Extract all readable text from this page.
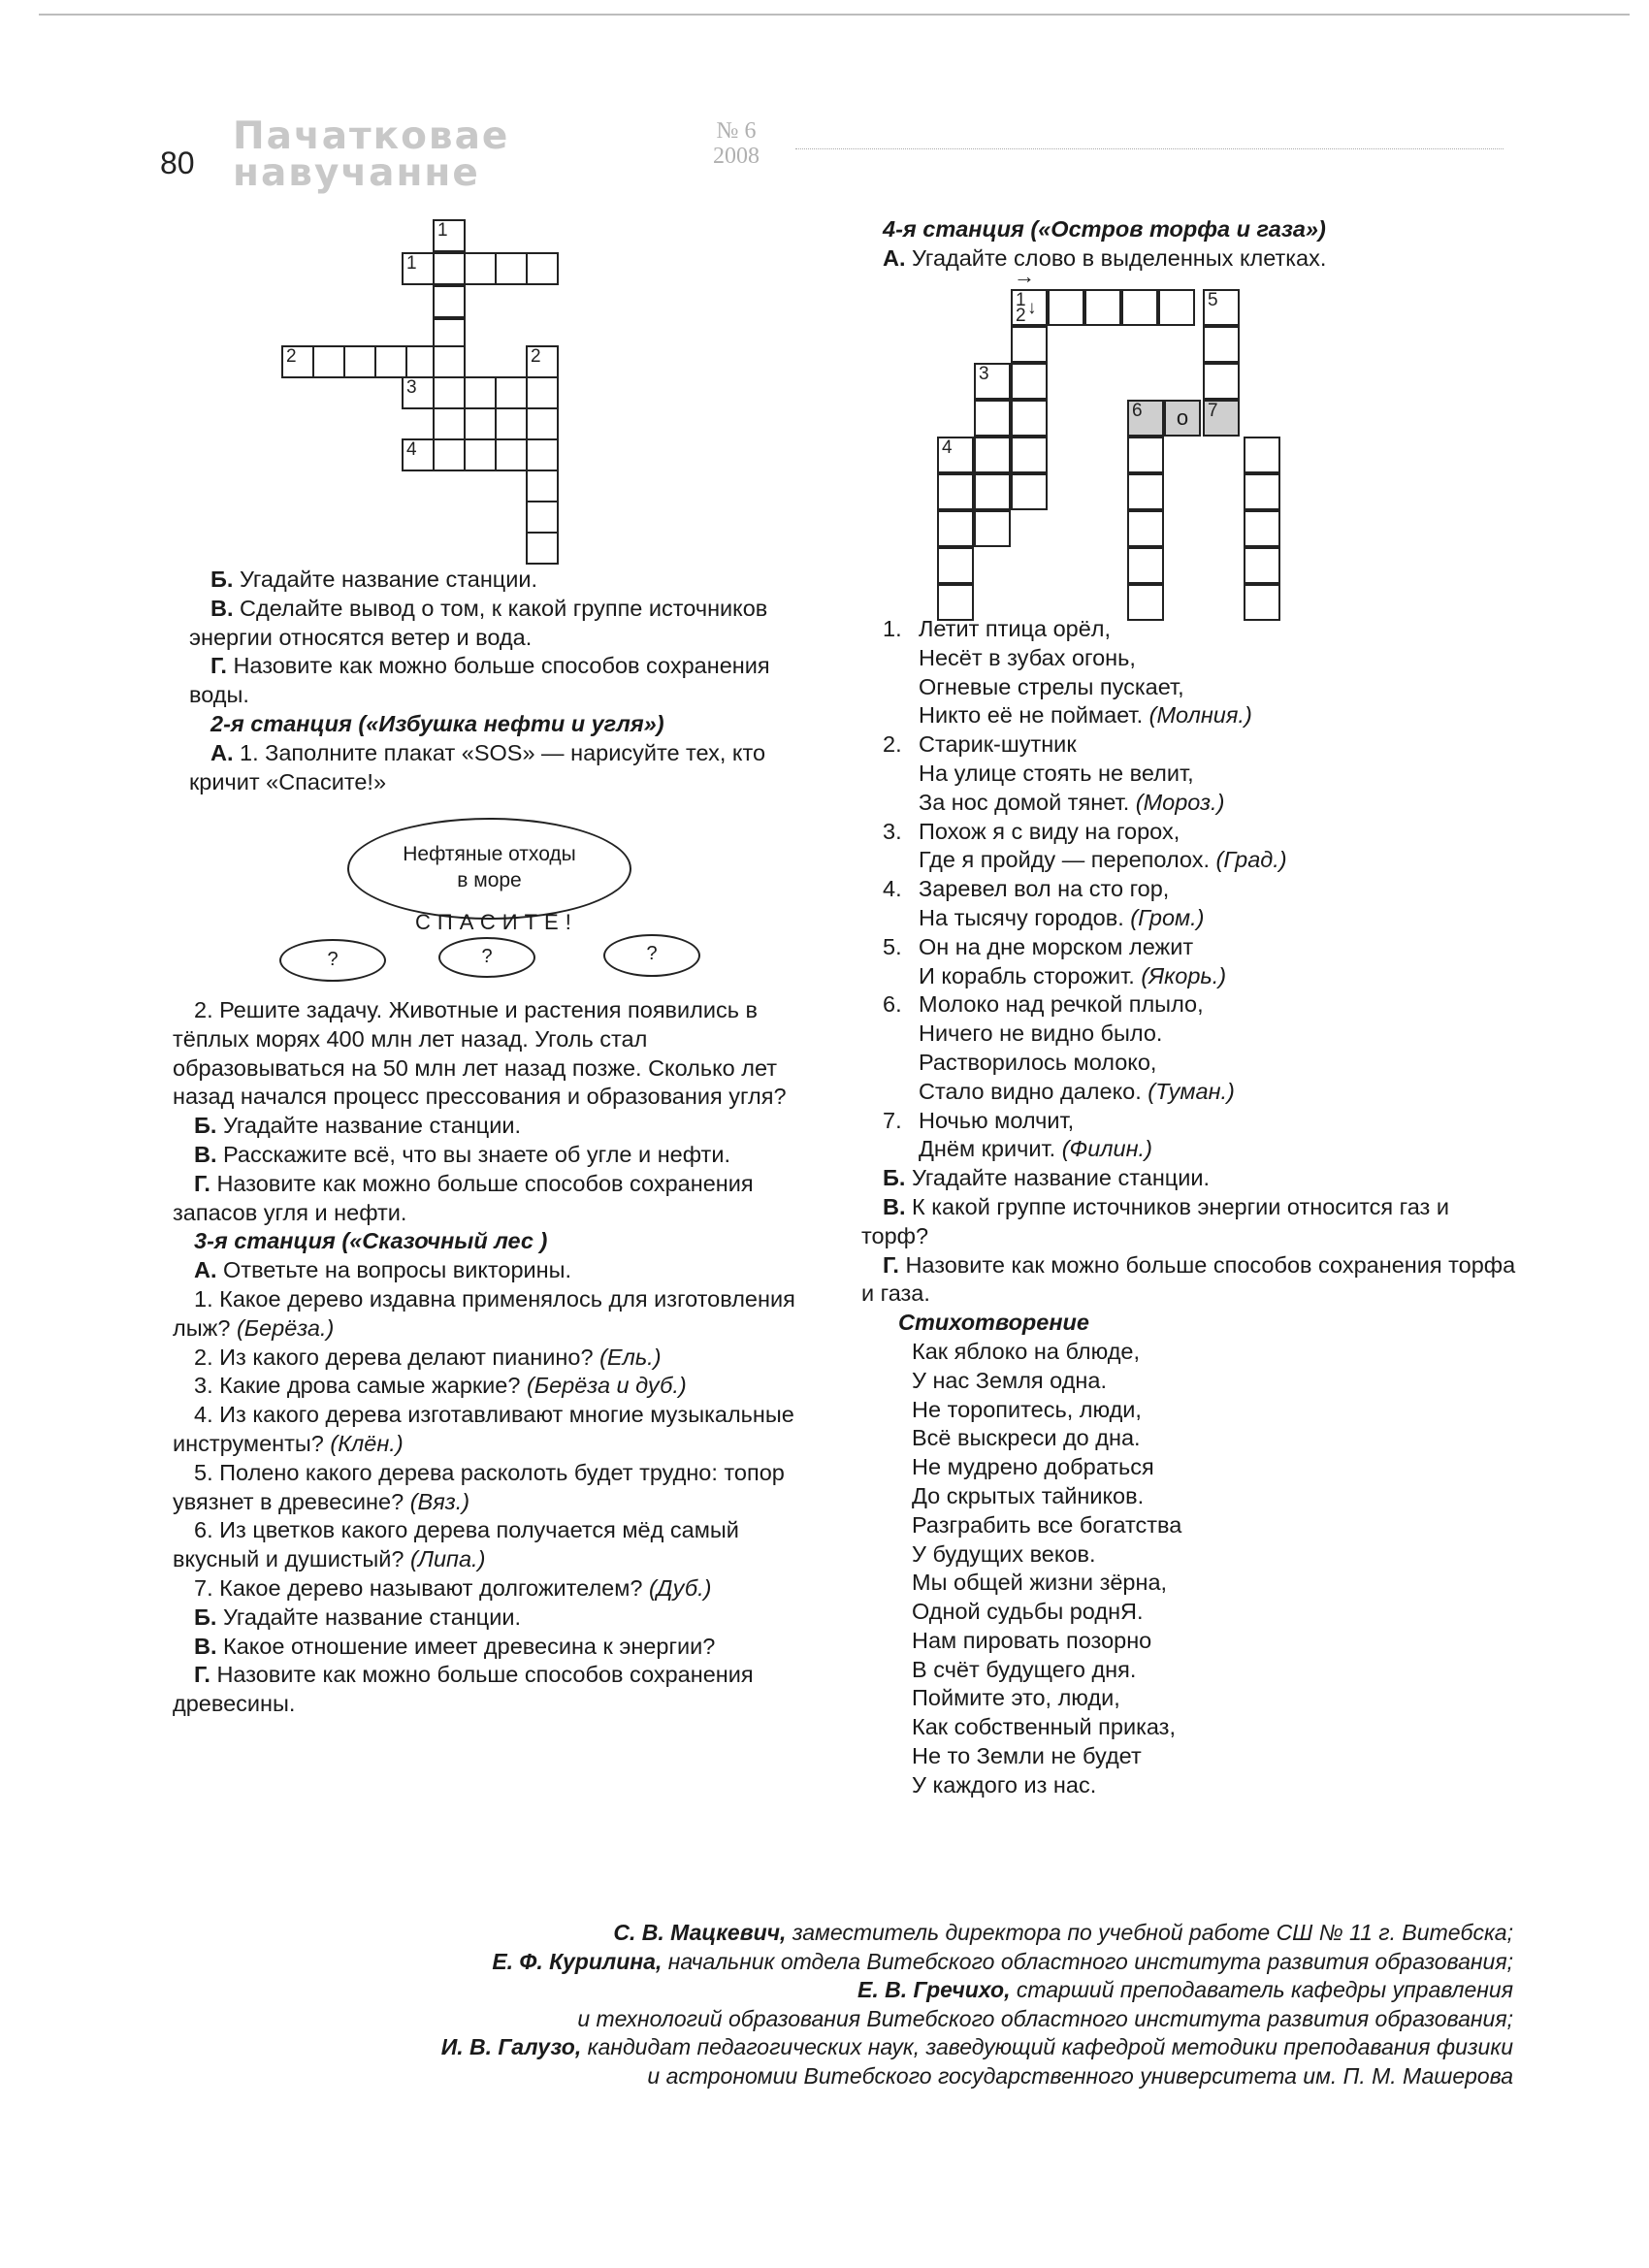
80
Пачатковае
навучанне
№ 6
2008
1
1
2	2
3
4
1
2 ↓	5
3
6	о	7
4
→

Б. Угадайте название станции.

В. Сделайте вывод о том, к какой группе источников энергии относятся ветер и вода.

Г. Назовите как можно больше способов сохранения воды.

2-я станция («Избушка нефти и угля»)

А. 1. Заполните плакат «SOS» — нарисуйте тех, кто кричит «Спасите!»

Нефтяные отходы
в море
СПАСИТЕ!
?	?	?

2. Решите задачу. Животные и растения появились в тёплых морях 400 млн лет назад. Уголь стал образовываться на 50 млн лет назад позже. Сколько лет назад начался процесс прессования и образования угля?

Б. Угадайте название станции.

В. Расскажите всё, что вы знаете об угле и нефти.

Г. Назовите как можно больше способов сохранения запасов угля и нефти.

3-я станция («Сказочный лес )

А. Ответьте на вопросы викторины.

1. Какое дерево издавна применялось для изготовления лыж? (Берёза.)

2. Из какого дерева делают пианино? (Ель.)

3. Какие дрова самые жаркие? (Берёза и дуб.)

4. Из какого дерева изготавливают многие музыкальные инструменты? (Клён.)

5. Полено какого дерева расколоть будет трудно: топор увязнет в древесине? (Вяз.)

6. Из цветков какого дерева получается мёд самый вкусный и душистый? (Липа.)

7. Какое дерево называют долгожителем? (Дуб.)

Б. Угадайте название станции.

В. Какое отношение имеет древесина к энергии?

Г. Назовите как можно больше способов сохранения древесины.

4-я станция («Остров торфа и газа»)

А. Угадайте слово в выделенных клетках.

1. Летит птица орёл,

Несёт в зубах огонь,

Огневые стрелы пускает,

Никто её не поймает. (Молния.)

2. Старик-шутник

На улице стоять не велит,

За нос домой тянет. (Мороз.)

3. Похож я с виду на горох,

Где я пройду — переполох. (Град.)

4. Заревел вол на сто гор,

На тысячу городов. (Гром.)

5. Он на дне морском лежит

И корабль сторожит. (Якорь.)

6. Молоко над речкой плыло,

Ничего не видно было.

Растворилось молоко,

Стало видно далеко. (Туман.)

7. Ночью молчит,

Днём кричит. (Филин.)

Б. Угадайте название станции.

В. К какой группе источников энергии относится газ и торф?

Г. Назовите как можно больше способов сохранения торфа и газа.

Стихотворение

Как яблоко на блюде,

У нас Земля одна.

Не торопитесь, люди,

Всё выскреси до дна.

Не мудрено добраться

До скрытых тайников.

Разграбить все богатства

У будущих веков.

Мы общей жизни зёрна,

Одной судьбы роднЯ.

Нам пировать позорно

В счёт будущего дня.

Поймите это, люди,

Как собственный приказ,

Не то Земли не будет

У каждого из нас.

С. В. Мацкевич, заместитель директора по учебной работе СШ № 11 г. Витебска;

Е. Ф. Курилина, начальник отдела Витебского областного института развития образования;

Е. В. Гречихо, старший преподаватель кафедры управления

и технологий образования Витебского областного института развития образования;

И. В. Галузо, кандидат педагогических наук, заведующий кафедрой методики преподавания физики

и астрономии Витебского государственного университета им. П. М. Машерова
